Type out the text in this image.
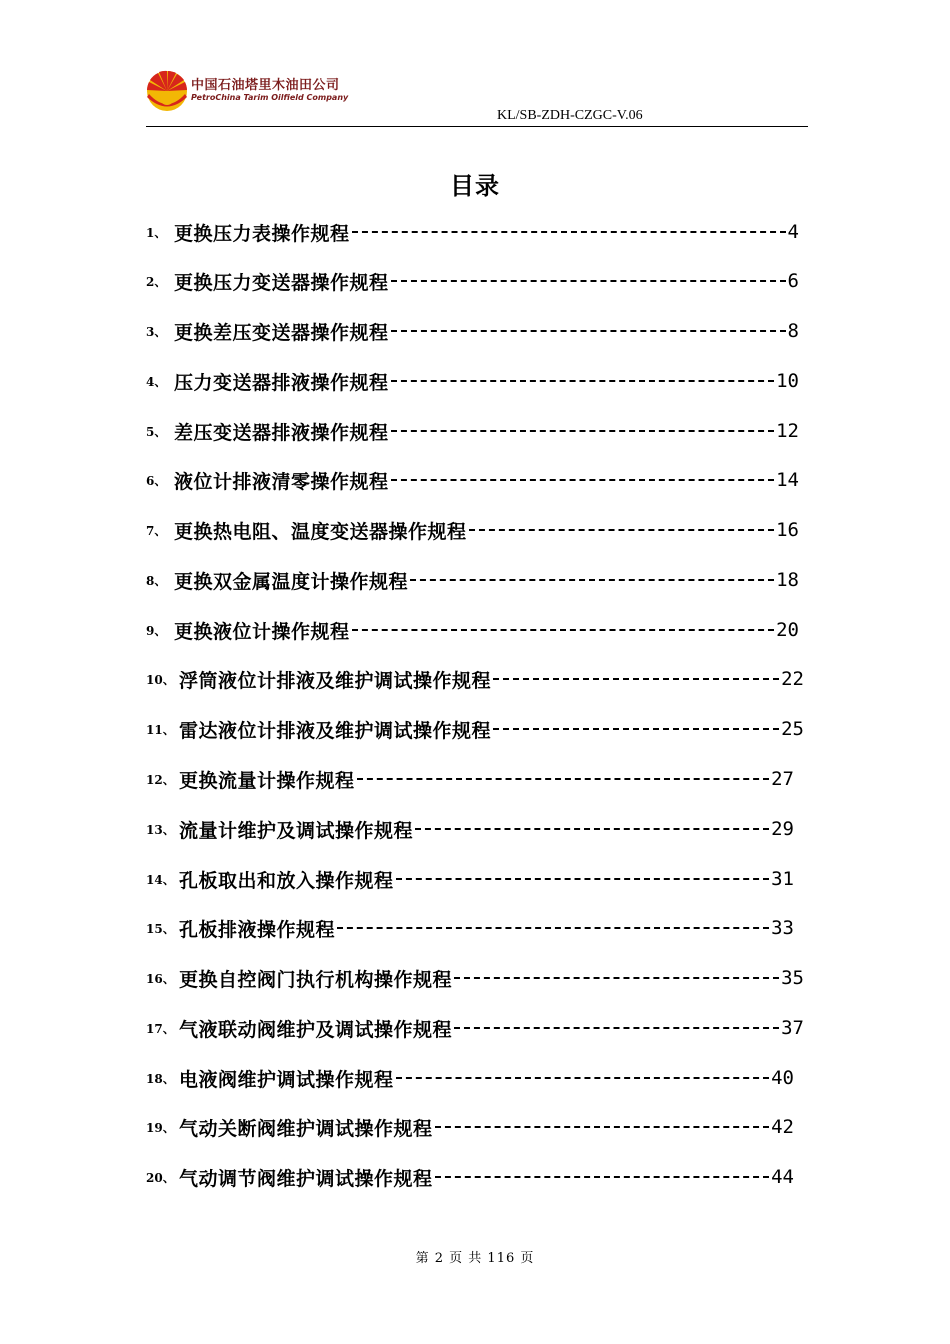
中国石油塔里木油田公司
PetroChina Tarim Oilfield Company
KL/SB-ZDH-CZGC-V.06
目录
1、 更换压力表操作规程	4
2、 更换压力变送器操作规程	6
3、 更换差压变送器操作规程	8
4、 压力变送器排液操作规程	10
5、 差压变送器排液操作规程	12
6、 液位计排液清零操作规程	14
7、 更换热电阻、温度变送器操作规程	16
8、 更换双金属温度计操作规程	18
9、 更换液位计操作规程	20
10、 浮筒液位计排液及维护调试操作规程	22
11、 雷达液位计排液及维护调试操作规程	25
12、 更换流量计操作规程	27
13、 流量计维护及调试操作规程	29
14、 孔板取出和放入操作规程	31
15、 孔板排液操作规程	33
16、 更换自控阀门执行机构操作规程	35
17、 气液联动阀维护及调试操作规程	37
18、 电液阀维护调试操作规程	40
19、 气动关断阀维护调试操作规程	42
20、 气动调节阀维护调试操作规程	44
第 2 页 共 116 页
